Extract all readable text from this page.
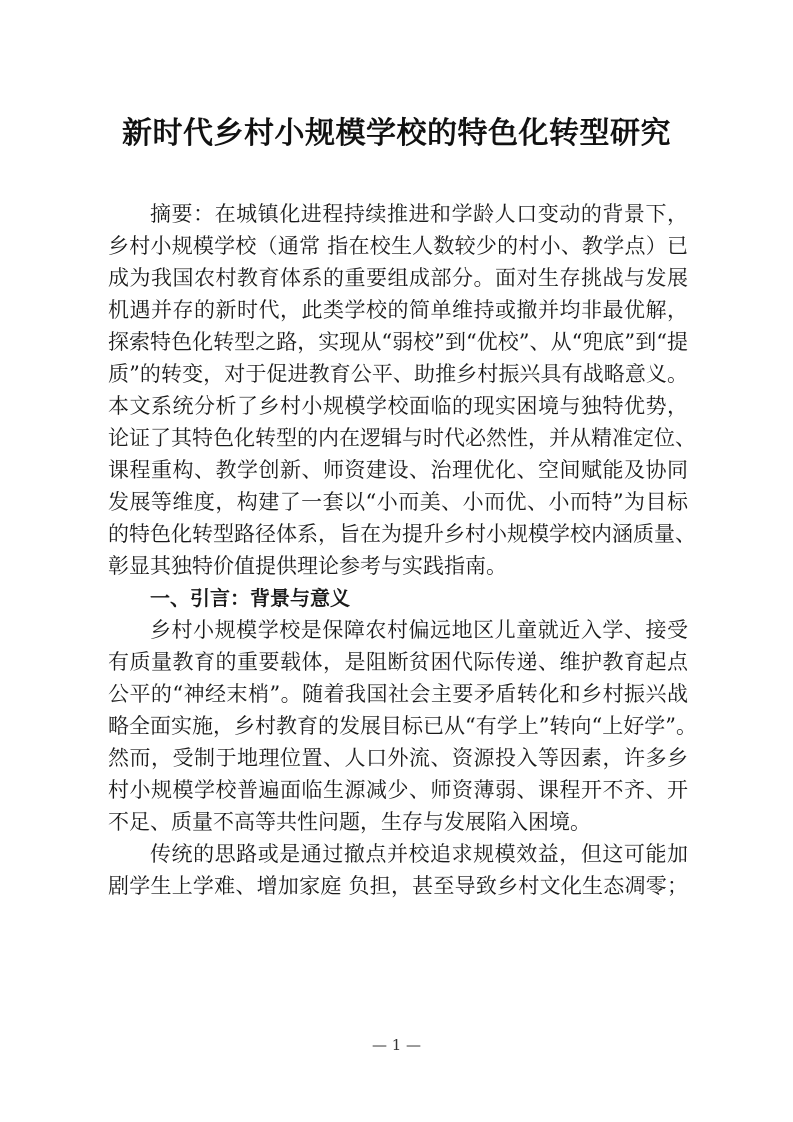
新时代乡村小规模学校的特色化转型研究
摘要：在城镇化进程持续推进和学龄人口变动的背景下，
乡村小规模学校（通常 指在校生人数较少的村小、教学点）已
成为我国农村教育体系的重要组成部分。面对生存挑战与发展
机遇并存的新时代，此类学校的简单维持或撤并均非最优解，
探索特色化转型之路，实现从“弱校”到“优校”、从“兜底”到“提
质”的转变，对于促进教育公平、助推乡村振兴具有战略意义。
本文系统分析了乡村小规模学校面临的现实困境与独特优势，
论证了其特色化转型的内在逻辑与时代必然性，并从精准定位、
课程重构、教学创新、师资建设、治理优化、空间赋能及协同
发展等维度，构建了一套以“小而美、小而优、小而特”为目标
的特色化转型路径体系，旨在为提升乡村小规模学校内涵质量、
彰显其独特价值提供理论参考与实践指南。
一、引言：背景与意义
乡村小规模学校是保障农村偏远地区儿童就近入学、接受
有质量教育的重要载体，是阻断贫困代际传递、维护教育起点
公平的“神经末梢”。随着我国社会主要矛盾转化和乡村振兴战
略全面实施，乡村教育的发展目标已从“有学上”转向“上好学”。
然而，受制于地理位置、人口外流、资源投入等因素，许多乡
村小规模学校普遍面临生源减少、师资薄弱、课程开不齐、开
不足、质量不高等共性问题，生存与发展陷入困境。
传统的思路或是通过撤点并校追求规模效益，但这可能加
剧学生上学难、增加家庭 负担，甚至导致乡村文化生态凋零；
— 1 —
